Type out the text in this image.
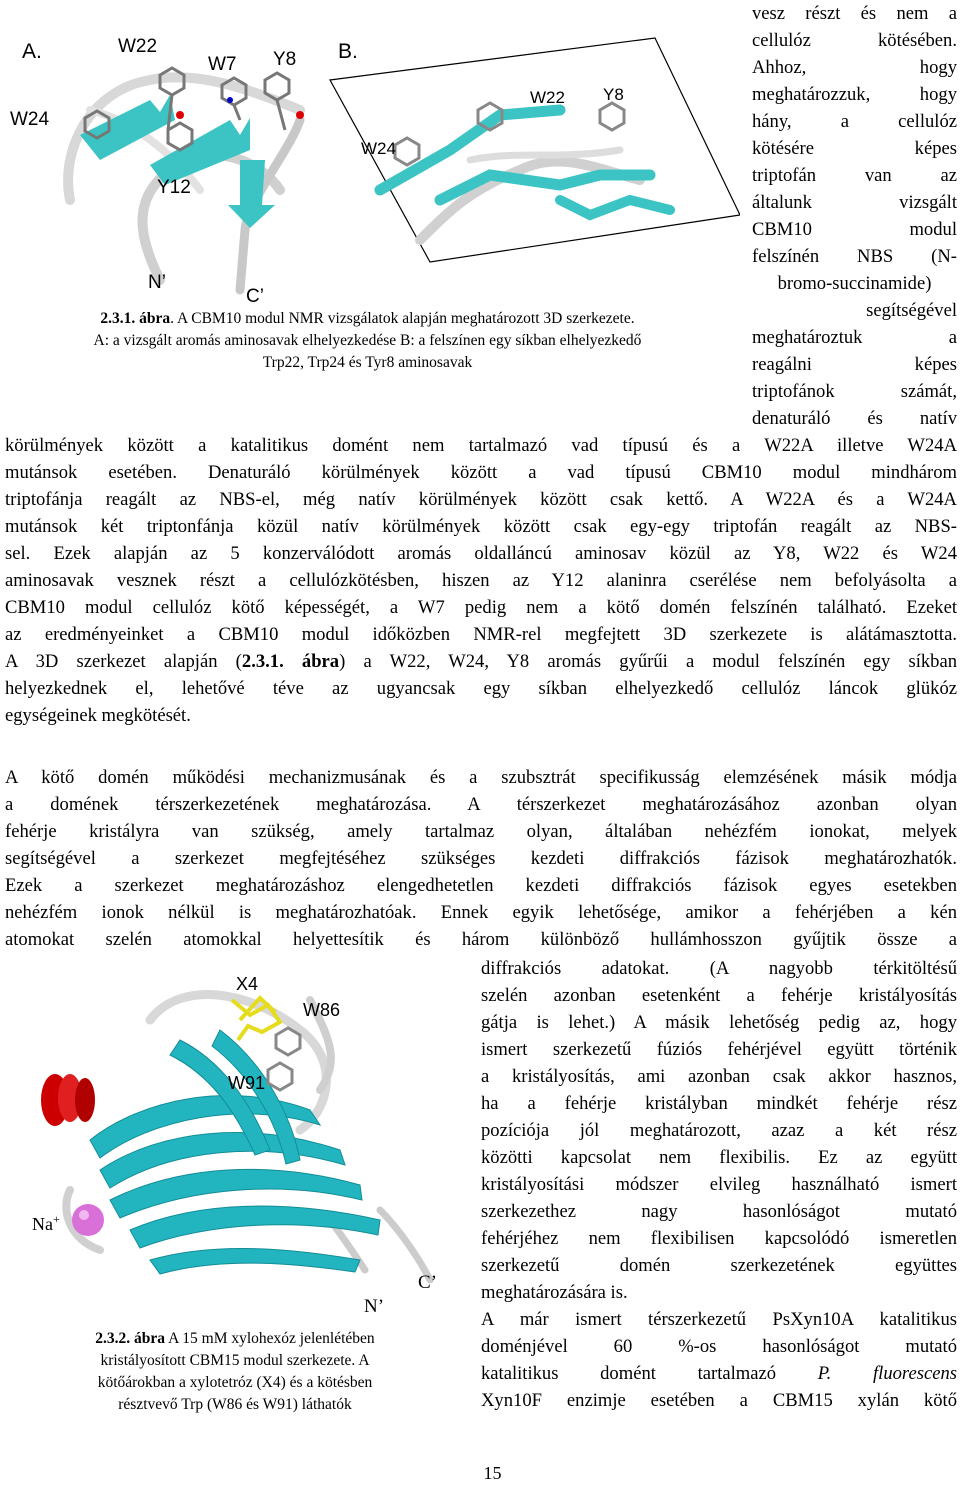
A.	W22
W7 Y8
W24
Y12
N’
C’
B.
W22 Y8
W24
2.3.1. ábra. A CBM10 modul NMR vizsgálatok alapján meghatározott 3D szerkezete.
A: a vizsgált aromás aminosavak elhelyezkedése B: a felszínen egy síkban elhelyezkedő
Trp22, Trp24 és Tyr8 aminosavak
vesz részt és nem a
cellulóz kötésében.
Ahhoz, hogy
meghatározzuk, hogy
hány, a cellulóz
kötésére képes
triptofán van az
általunk vizsgált
CBM10 modul
felszínén NBS (N-
bromo-succinamide)
segítségével
meghatároztuk a
reagálni képes
triptofánok számát,
denaturáló és natív
körülmények között a katalitikus domént nem tartalmazó vad típusú és a W22A illetve W24A
mutánsok esetében. Denaturáló körülmények között a vad típusú CBM10 modul mindhárom
triptofánja reagált az NBS-el, még natív körülmények között csak kettő. A W22A és a W24A
mutánsok két triptonfánja közül natív körülmények között csak egy-egy triptofán reagált az NBS-
sel. Ezek alapján az 5 konzerválódott aromás oldalláncú aminosav közül az Y8, W22 és W24
aminosavak vesznek részt a cellulózkötésben, hiszen az Y12 alaninra cserélése nem befolyásolta a
CBM10 modul cellulóz kötő képességét, a W7 pedig nem a kötő domén felszínén található. Ezeket
az eredményeinket a CBM10 modul időközben NMR-rel megfejtett 3D szerkezete is alátámasztotta.
A 3D szerkezet alapján (2.3.1. ábra) a W22, W24, Y8 aromás gyűrűi a modul felszínén egy síkban
helyezkednek el, lehetővé téve az ugyancsak egy síkban elhelyezkedő cellulóz láncok glükóz
egységeinek megkötését.
A kötő domén működési mechanizmusának és a szubsztrát specifikusság elemzésének másik módja
a domének térszerkezetének meghatározása. A térszerkezet meghatározásához azonban olyan
fehérje kristályra van szükség, amely tartalmaz olyan, általában nehézfém ionokat, melyek
segítségével a szerkezet megfejtéséhez szükséges kezdeti diffrakciós fázisok meghatározhatók.
Ezek a szerkezet meghatározáshoz elengedhetetlen kezdeti diffrakciós fázisok egyes esetekben
nehézfém ionok nélkül is meghatározhatóak. Ennek egyik lehetősége, amikor a fehérjében a kén
atomokat szelén atomokkal helyettesítik és három különböző hullámhosszon gyűjtik össze a
X4
W86
W91
Na+
C’
N’
2.3.2. ábra A 15 mM xylohexóz jelenlétében
kristályosított CBM15 modul szerkezete. A
kötőárokban a xylotetróz (X4) és a kötésben
résztvevő Trp (W86 és W91) láthatók
diffrakciós adatokat. (A nagyobb térkitöltésű
szelén azonban esetenként a fehérje kristályosítás
gátja is lehet.) A másik lehetőség pedig az, hogy
ismert szerkezetű fúziós fehérjével együtt történik
a kristályosítás, ami azonban csak akkor hasznos,
ha a fehérje kristályban mindkét fehérje rész
pozíciója jól meghatározott, azaz a két rész
közötti kapcsolat nem flexibilis. Ez az együtt
kristályosítási módszer elvileg használható ismert
szerkezethez nagy hasonlóságot mutató
fehérjéhez nem flexibilisen kapcsolódó ismeretlen
szerkezetű domén szerkezetének együttes
meghatározására is.
A már ismert térszerkezetű PsXyn10A katalitikus
doménjével 60 %-os hasonlóságot mutató
katalitikus domént tartalmazó P. fluorescens
Xyn10F enzimje esetében a CBM15 xylán kötő
15
